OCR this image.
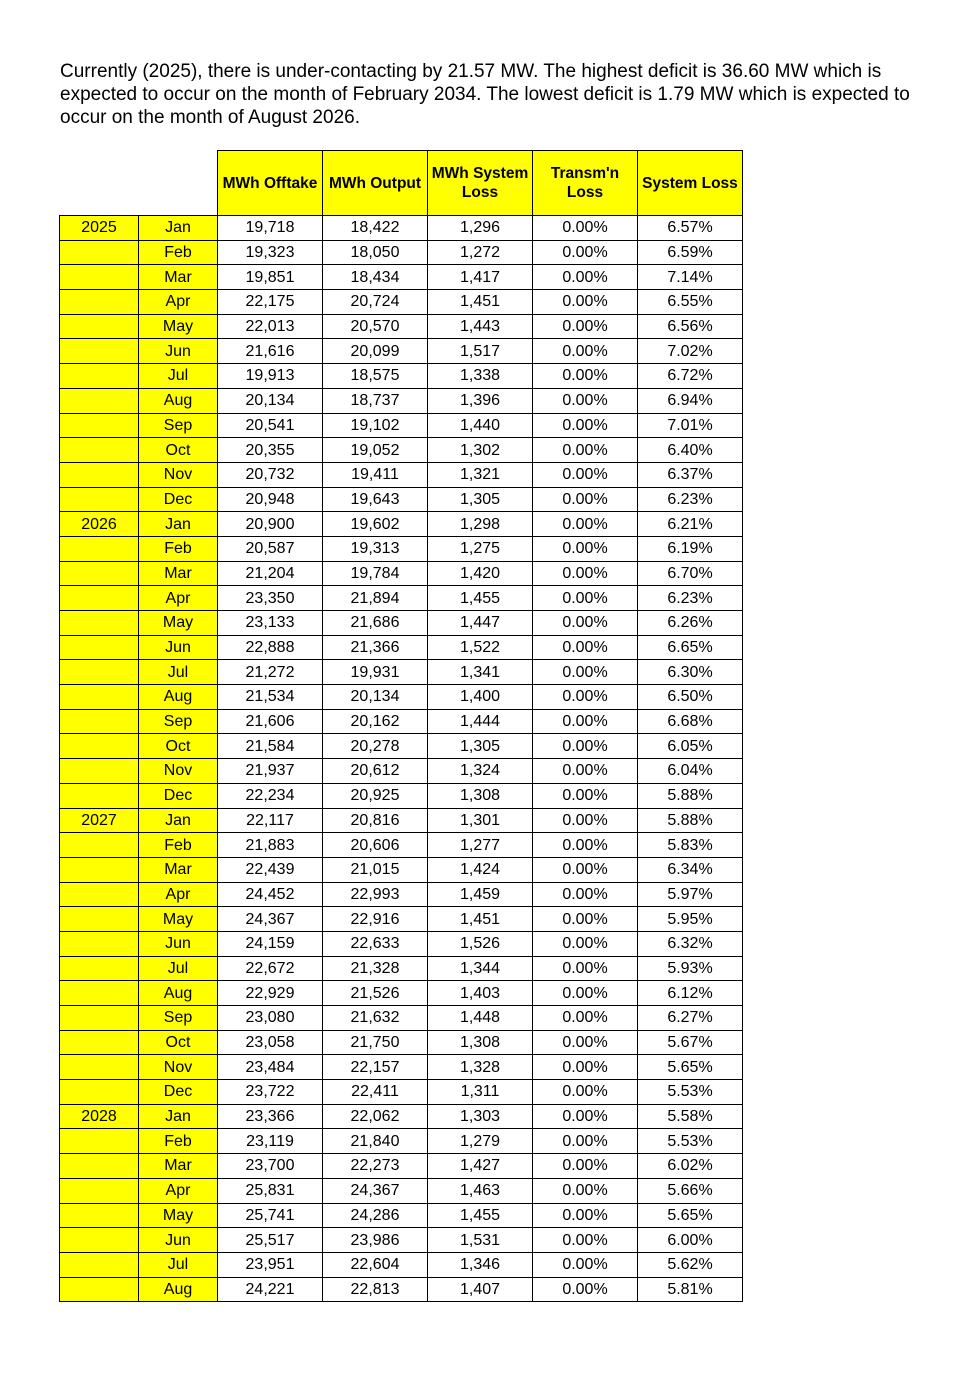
Currently (2025), there is under-contacting by 21.57 MW. The highest deficit is 36.60 MW which is expected to occur on the month of February 2034. The lowest deficit is 1.79 MW which is expected to occur on the month of August 2026.

		MWh Offtake	MWh Output	MWh System Loss	Transm'n Loss	System Loss
2025	Jan	19,718	18,422	1,296	0.00%	6.57%
	Feb	19,323	18,050	1,272	0.00%	6.59%
	Mar	19,851	18,434	1,417	0.00%	7.14%
	Apr	22,175	20,724	1,451	0.00%	6.55%
	May	22,013	20,570	1,443	0.00%	6.56%
	Jun	21,616	20,099	1,517	0.00%	7.02%
	Jul	19,913	18,575	1,338	0.00%	6.72%
	Aug	20,134	18,737	1,396	0.00%	6.94%
	Sep	20,541	19,102	1,440	0.00%	7.01%
	Oct	20,355	19,052	1,302	0.00%	6.40%
	Nov	20,732	19,411	1,321	0.00%	6.37%
	Dec	20,948	19,643	1,305	0.00%	6.23%
2026	Jan	20,900	19,602	1,298	0.00%	6.21%
	Feb	20,587	19,313	1,275	0.00%	6.19%
	Mar	21,204	19,784	1,420	0.00%	6.70%
	Apr	23,350	21,894	1,455	0.00%	6.23%
	May	23,133	21,686	1,447	0.00%	6.26%
	Jun	22,888	21,366	1,522	0.00%	6.65%
	Jul	21,272	19,931	1,341	0.00%	6.30%
	Aug	21,534	20,134	1,400	0.00%	6.50%
	Sep	21,606	20,162	1,444	0.00%	6.68%
	Oct	21,584	20,278	1,305	0.00%	6.05%
	Nov	21,937	20,612	1,324	0.00%	6.04%
	Dec	22,234	20,925	1,308	0.00%	5.88%
2027	Jan	22,117	20,816	1,301	0.00%	5.88%
	Feb	21,883	20,606	1,277	0.00%	5.83%
	Mar	22,439	21,015	1,424	0.00%	6.34%
	Apr	24,452	22,993	1,459	0.00%	5.97%
	May	24,367	22,916	1,451	0.00%	5.95%
	Jun	24,159	22,633	1,526	0.00%	6.32%
	Jul	22,672	21,328	1,344	0.00%	5.93%
	Aug	22,929	21,526	1,403	0.00%	6.12%
	Sep	23,080	21,632	1,448	0.00%	6.27%
	Oct	23,058	21,750	1,308	0.00%	5.67%
	Nov	23,484	22,157	1,328	0.00%	5.65%
	Dec	23,722	22,411	1,311	0.00%	5.53%
2028	Jan	23,366	22,062	1,303	0.00%	5.58%
	Feb	23,119	21,840	1,279	0.00%	5.53%
	Mar	23,700	22,273	1,427	0.00%	6.02%
	Apr	25,831	24,367	1,463	0.00%	5.66%
	May	25,741	24,286	1,455	0.00%	5.65%
	Jun	25,517	23,986	1,531	0.00%	6.00%
	Jul	23,951	22,604	1,346	0.00%	5.62%
	Aug	24,221	22,813	1,407	0.00%	5.81%
